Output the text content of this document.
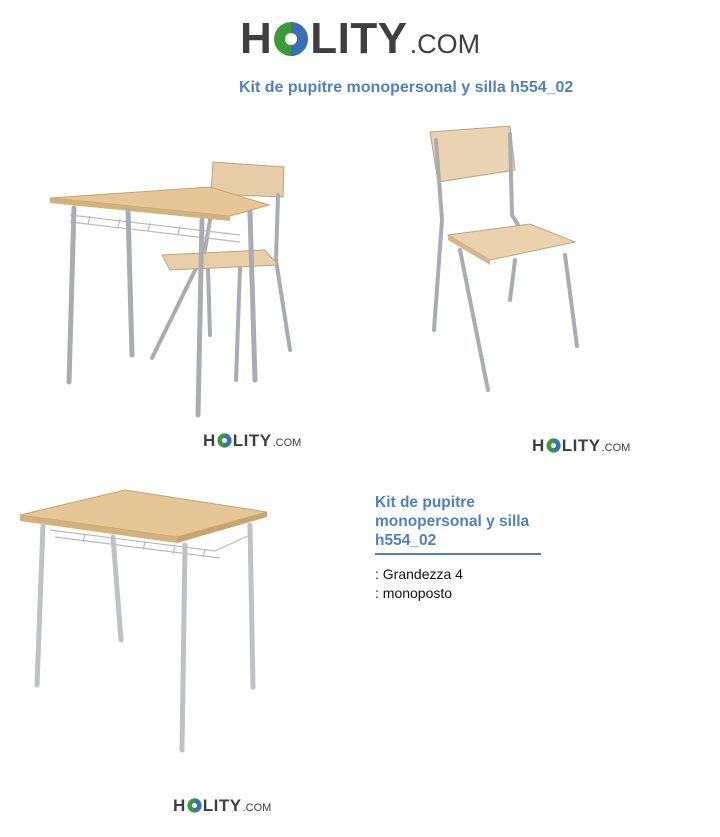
H LITY .COM
Kit de pupitre monopersonal y silla h554_02
H LITY .COM	H LITY .COM
H LITY .COM
Kit de pupitre monopersonal y silla h554_02
: Grandezza 4
: monoposto
